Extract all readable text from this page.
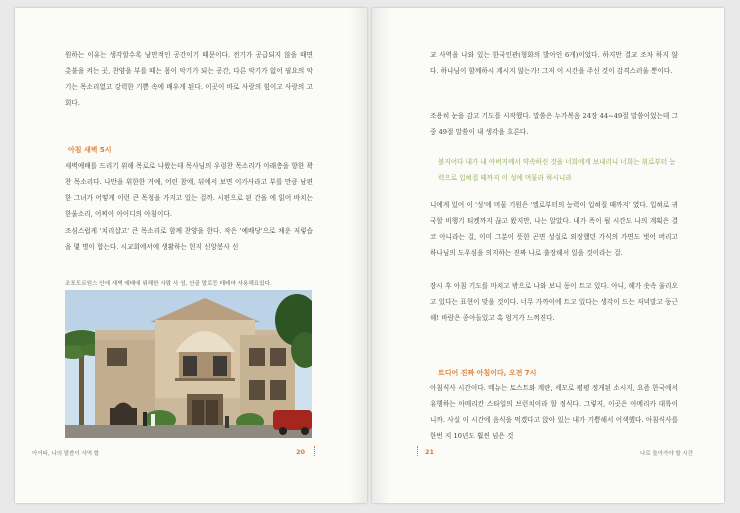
원하는 이유는 생각할수록 낭만적인 공간이기 때문이다. 전기가 공급되지 않을 때면 촛불을 켜는 곳, 찬양을 부를 때는 몸이 악기가 되는 공간, 다른 악기가 없어 필요의 악기는 목소리였고 강력한 기쁨 속에 배우게 된다. 이곳이 바로 사랑의 힘이고 사랑의 고회다.
아침 새벽 5시
새벽예배를 드리기 위해 목로로 나왔는데 목사님의 우렁찬 목소리가 아래층을 향한 꽉 찬 목소리다. 나만을 위한한 거예, 어린 참에, 뒤에서 보면 이가사라고 부를 만큼 남편한 그녀가 어떻게 이런 큰 목청을 가지고 있는 걸까. 시편으로 된 간을 에 읽어 바치는 한울소리, 어찌이 아이디의 아침이다.
조심스럽게 '치리샵고' 큰 목소리로 함께 찬양을 한다. 작은 '예배당'으로 채운 저렇습을 몇 명이 합는다. 시교회에서에 생활하는 헌지 신앙봉사 신
조포도르원스 안에 새벽 예배에 위해한 사람 사 섬, 산골 말로등 테테마 사용해요있다.
아이티, 나의 말씀이 사역 합	20
교 사역을 나와 있는 한국인관(형화의 발아인 6개)이었다. 하지만 결교 조차 하지 않다. 하나님이 함께하시 계시지 않는가! 그저 이 시간을 주신 것이 감격스러울 뿐이다.
조용히 눈을 감고 기도를 시작했다. 말씀은 누가복음 24장 44~49절 말씀이었는데 그중 49절 말씀이 내 생각을 흐른다.
볼지어다 내가 내 아버지께서 약속하신 것을 너희에게 보내리니 너희는 위로부터 능력으로 입혀질 때까지 이 성에 머물라 하시니라
니에게 있어 이 '성'에 머물 기원은 '엘로부터의 능력이 입혀질 때까지' 였다. 입혀로 귀국할 비행기 티켓까지 끊고 왔지만, 나는 알았다. 내가 폭이 될 시간도 나의 계획은 결코 아니라는 걸, 이미 그분이 뜻한 곤면 성실로 외장했던 가식의 가면도 벗어 버리고 하나님의 도우심을 의지하는 진짜 나로 출장해서 일을 것이라는 걸.
잠시 후 아침 기도를 마치고 밖으로 나와 보니 동이 트고 있다. 아니, 해가 솟속 울리오고 있다는 표현이 맞을 것이다. 너무 가까이에 트고 있다는 생각이 드는 저녁말고 둥근 해! 바람은 종아들있고 혹 엄거가 느껴진다.
트디어 진짜 아침이다, 오전 7시
아침식사 시간이다. 메뉴는 토스트와 계란, 세모로 평평 정게된 소시지, 요즘 한국에서 유행하는 아메리칸 스타일의 브런치이라 할 정식다. 그렇지, 이곳은 아메리카 대륙이니까. 사실 이 시간에 음식을 먹겠다고 앉아 있는 내가 기쁨해서 어색했다. 아침식사를 한번 지 10년도 훨씬 넘은 것
21	나로 돌아가야 할 시간
